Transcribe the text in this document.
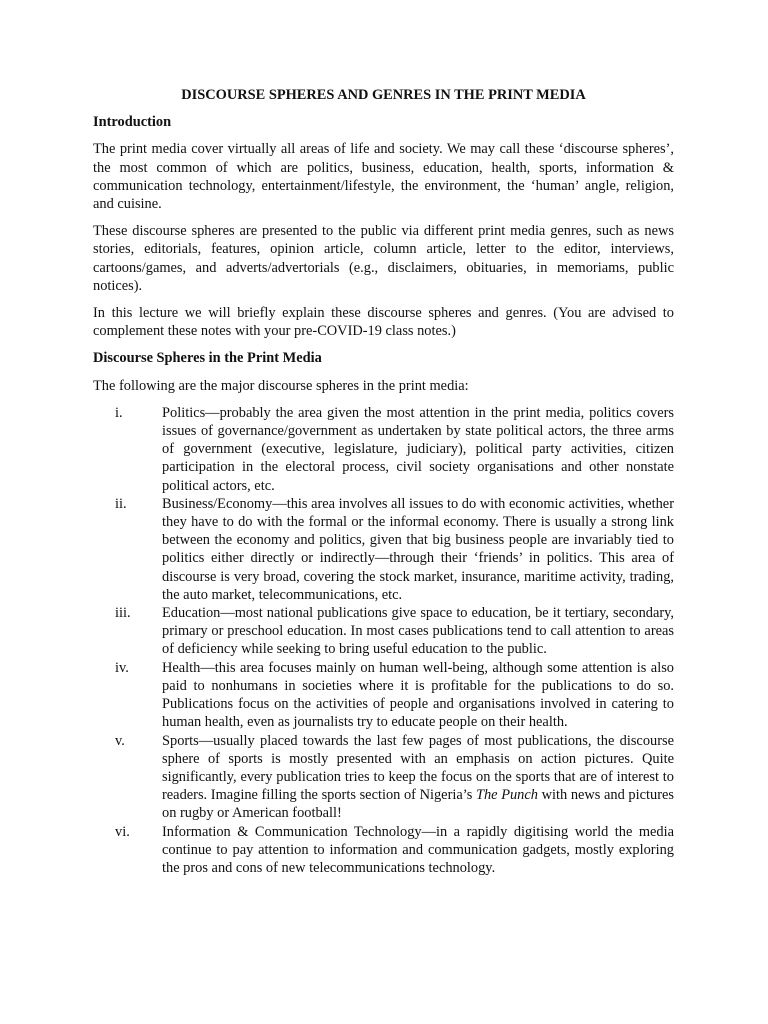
DISCOURSE SPHERES AND GENRES IN THE PRINT MEDIA
Introduction

The print media cover virtually all areas of life and society. We may call these ‘discourse spheres’, the most common of which are politics, business, education, health, sports, information & communication technology, entertainment/lifestyle, the environment, the ‘human’ angle, religion, and cuisine.

These discourse spheres are presented to the public via different print media genres, such as news stories, editorials, features, opinion article, column article, letter to the editor, interviews, cartoons/games, and adverts/advertorials (e.g., disclaimers, obituaries, in memoriams, public notices).

In this lecture we will briefly explain these discourse spheres and genres. (You are advised to complement these notes with your pre-COVID-19 class notes.)

Discourse Spheres in the Print Media

The following are the major discourse spheres in the print media:

i.	Politics—probably the area given the most attention in the print media, politics covers issues of governance/government as undertaken by state political actors, the three arms of government (executive, legislature, judiciary), political party activities, citizen participation in the electoral process, civil society organisations and other nonstate political actors, etc.
ii.	Business/Economy—this area involves all issues to do with economic activities, whether they have to do with the formal or the informal economy. There is usually a strong link between the economy and politics, given that big business people are invariably tied to politics either directly or indirectly—through their ‘friends’ in politics. This area of discourse is very broad, covering the stock market, insurance, maritime activity, trading, the auto market, telecommunications, etc.
iii.	Education—most national publications give space to education, be it tertiary, secondary, primary or preschool education. In most cases publications tend to call attention to areas of deficiency while seeking to bring useful education to the public.
iv.	Health—this area focuses mainly on human well-being, although some attention is also paid to nonhumans in societies where it is profitable for the publications to do so. Publications focus on the activities of people and organisations involved in catering to human health, even as journalists try to educate people on their health.
v.	Sports—usually placed towards the last few pages of most publications, the discourse sphere of sports is mostly presented with an emphasis on action pictures. Quite significantly, every publication tries to keep the focus on the sports that are of interest to readers. Imagine filling the sports section of Nigeria’s The Punch with news and pictures on rugby or American football!
vi.	Information & Communication Technology—in a rapidly digitising world the media continue to pay attention to information and communication gadgets, mostly exploring the pros and cons of new telecommunications technology.
